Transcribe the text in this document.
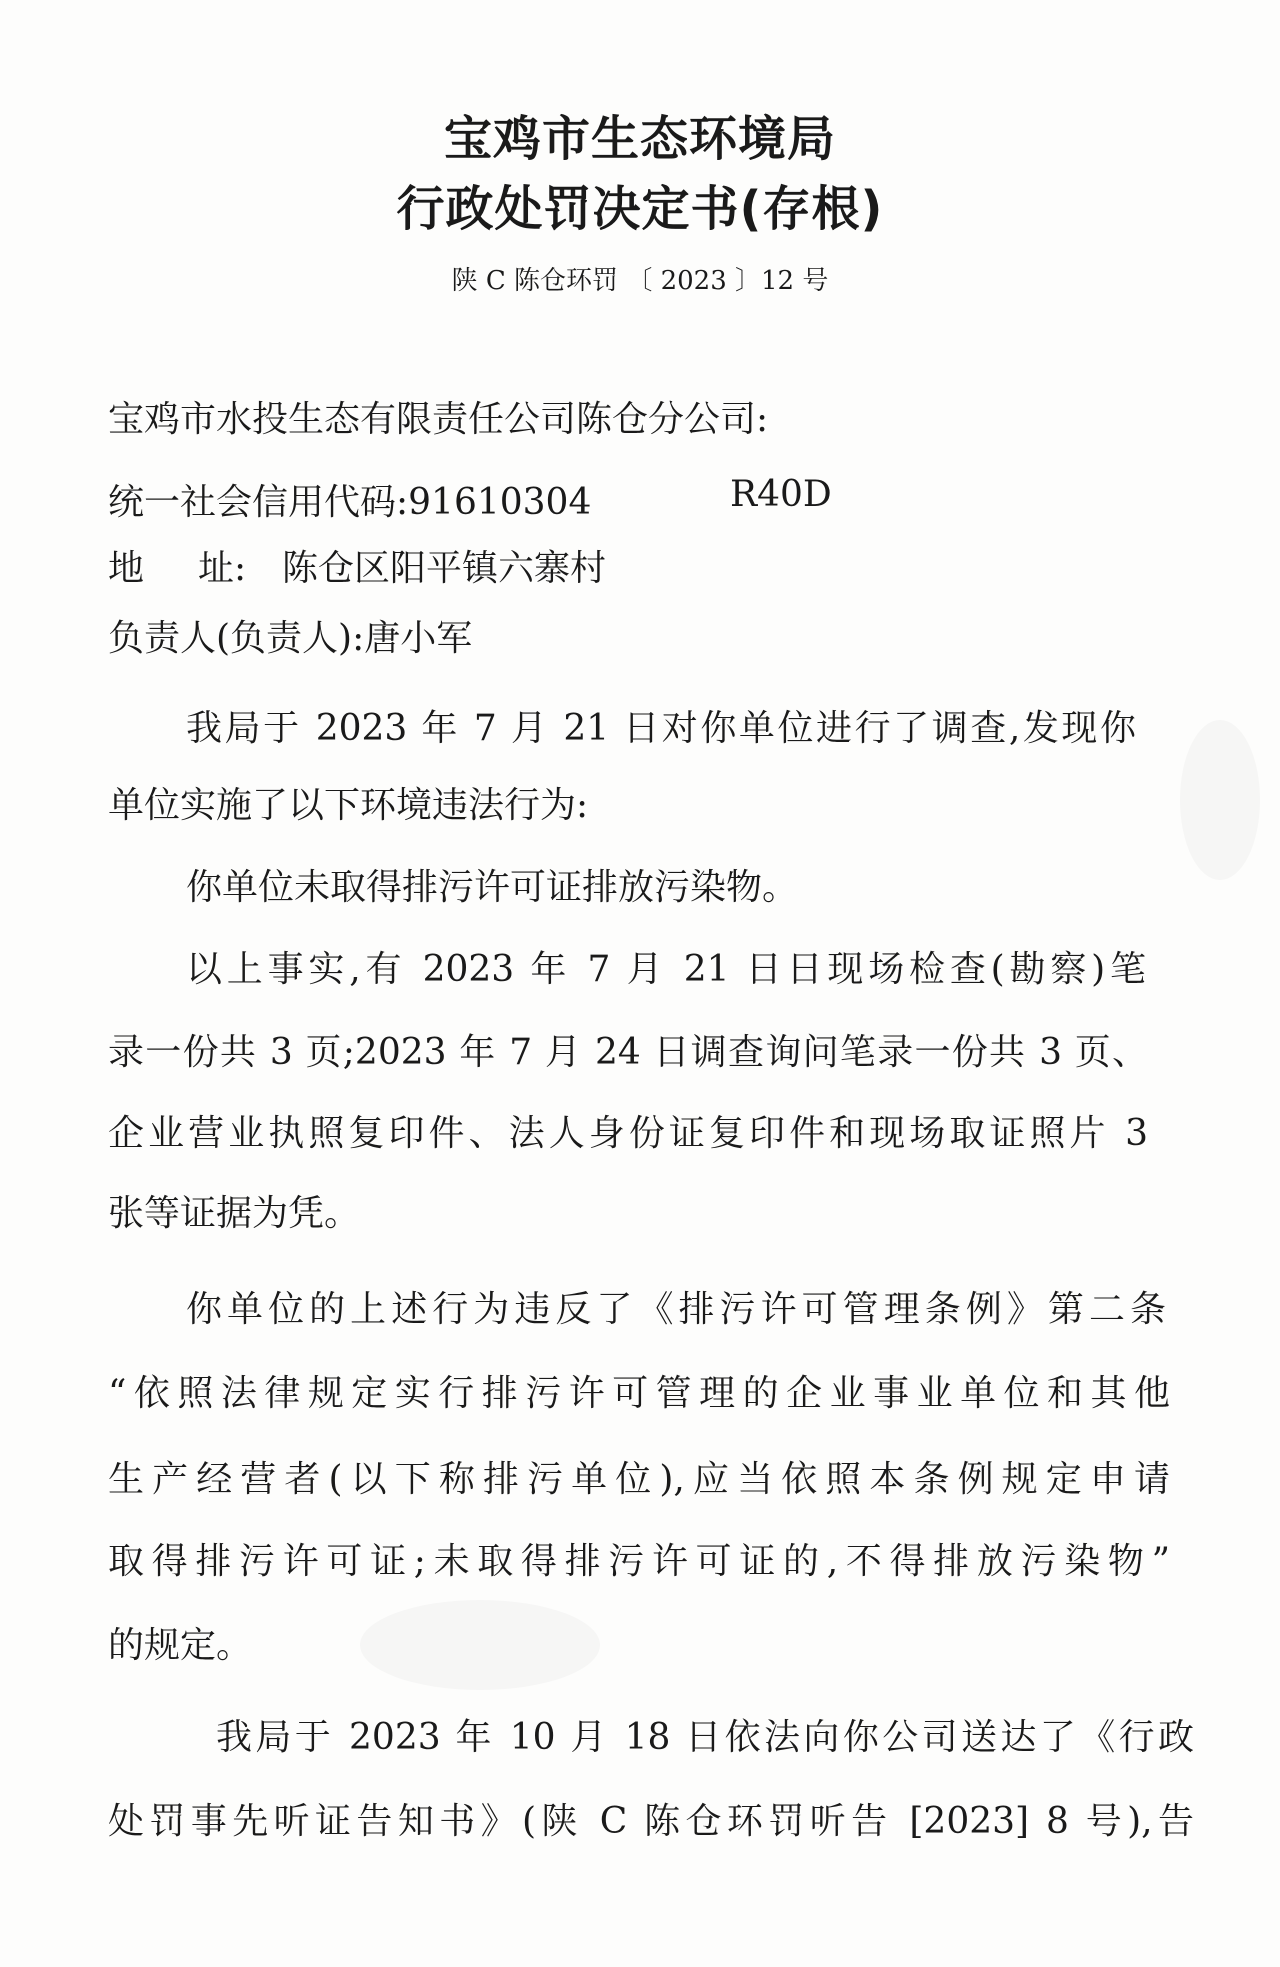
宝鸡市生态环境局
行政处罚决定书(存根)
陕 C 陈仓环罚 〔 2023 〕12 号
宝鸡市水投生态有限责任公司陈仓分公司:
统一社会信用代码:91610304	R40D
地 址: 陈仓区阳平镇六寨村
负责人(负责人):唐小军
我局于 2023 年 7 月 21 日对你单位进行了调查,发现你
单位实施了以下环境违法行为:
你单位未取得排污许可证排放污染物。
以上事实,有 2023 年 7 月 21 日日现场检查(勘察)笔
录一份共 3 页;2023 年 7 月 24 日调查询问笔录一份共 3 页、
企业营业执照复印件、法人身份证复印件和现场取证照片 3
张等证据为凭。
你单位的上述行为违反了《排污许可管理条例》第二条
“依照法律规定实行排污许可管理的企业事业单位和其他
生产经营者(以下称排污单位),应当依照本条例规定申请
取得排污许可证;未取得排污许可证的,不得排放污染物”
的规定。
我局于 2023 年 10 月 18 日依法向你公司送达了《行政
处罚事先听证告知书》(陕 C 陈仓环罚听告 [2023] 8 号),告
